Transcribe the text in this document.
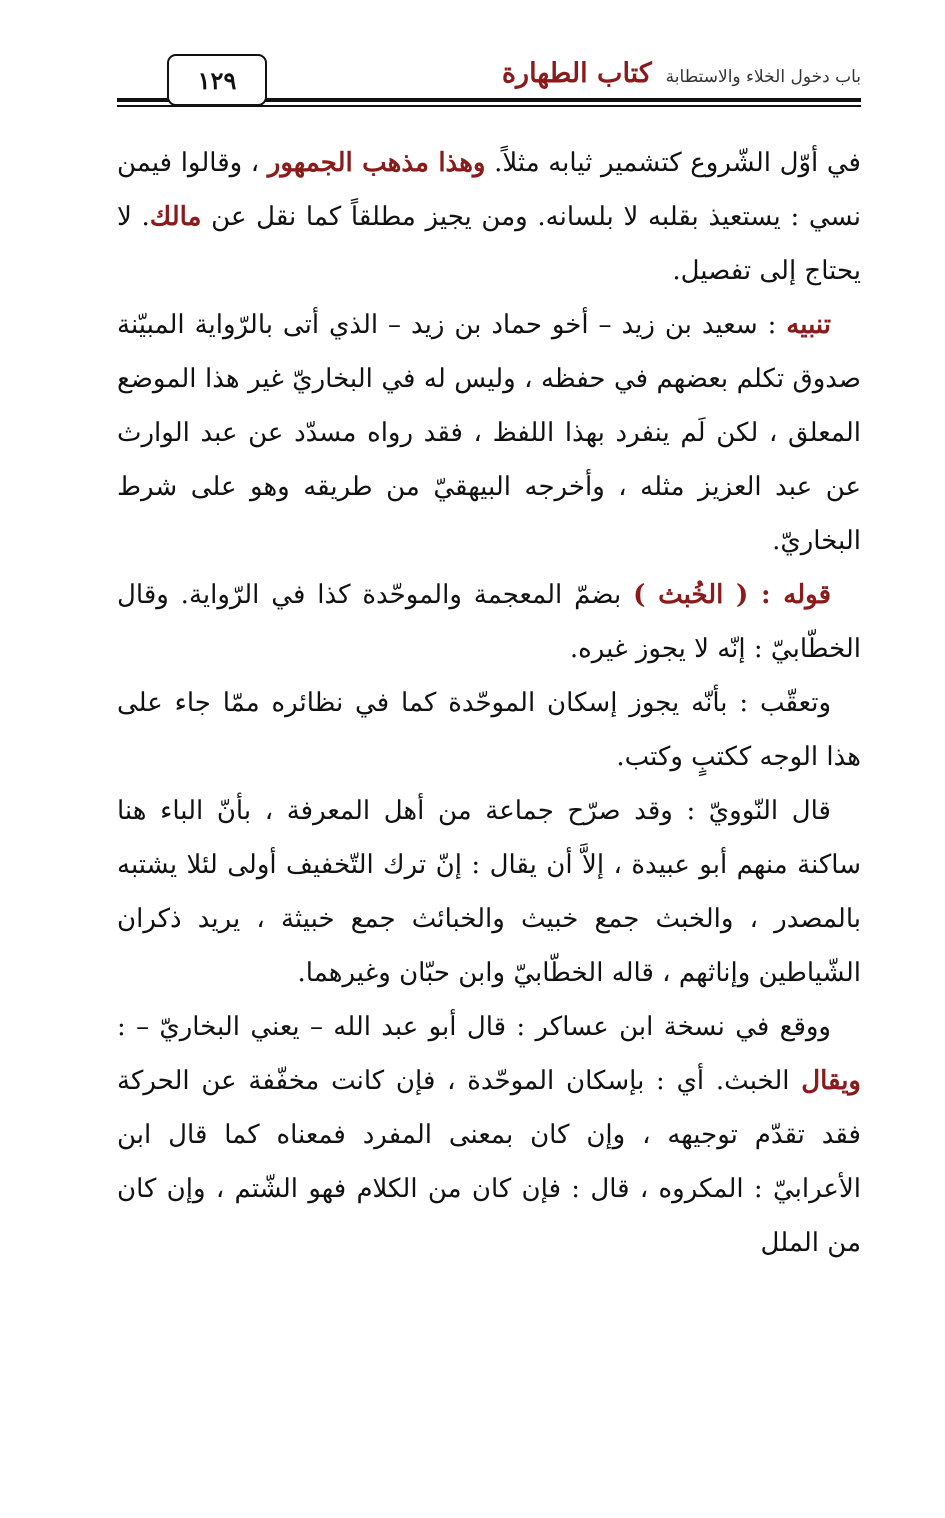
١٢٩	كتاب الطهارة باب دخول الخلاء والاستطابة

في أوّل الشّروع كتشمير ثيابه مثلاً. وهذا مذهب الجمهور ، وقالوا فيمن نسي : يستعيذ بقلبه لا بلسانه. ومن يجيز مطلقاً كما نقل عن مالك. لا يحتاج إلى تفصيل.

تنبيه : سعيد بن زيد – أخو حماد بن زيد – الذي أتى بالرّواية المبيّنة صدوق تكلم بعضهم في حفظه ، وليس له في البخاريّ غير هذا الموضع المعلق ، لكن لَم ينفرد بهذا اللفظ ، فقد رواه مسدّد عن عبد الوارث عن عبد العزيز مثله ، وأخرجه البيهقيّ من طريقه وهو على شرط البخاريّ.

قوله : ( الخُبث ) بضمّ المعجمة والموحّدة كذا في الرّواية. وقال الخطّابيّ : إنّه لا يجوز غيره.

وتعقّب : بأنّه يجوز إسكان الموحّدة كما في نظائره ممّا جاء على هذا الوجه ككتبٍ وكتب.

قال النّوويّ : وقد صرّح جماعة من أهل المعرفة ، بأنّ الباء هنا ساكنة منهم أبو عبيدة ، إلاَّ أن يقال : إنّ ترك التّخفيف أولى لئلا يشتبه بالمصدر ، والخبث جمع خبيث والخبائث جمع خبيثة ، يريد ذكران الشّياطين وإناثهم ، قاله الخطّابيّ وابن حبّان وغيرهما.

ووقع في نسخة ابن عساكر : قال أبو عبد الله – يعني البخاريّ – : ويقال الخبث. أي : بإسكان الموحّدة ، فإن كانت مخفّفة عن الحركة فقد تقدّم توجيهه ، وإن كان بمعنى المفرد فمعناه كما قال ابن الأعرابيّ : المكروه ، قال : فإن كان من الكلام فهو الشّتم ، وإن كان من الملل
